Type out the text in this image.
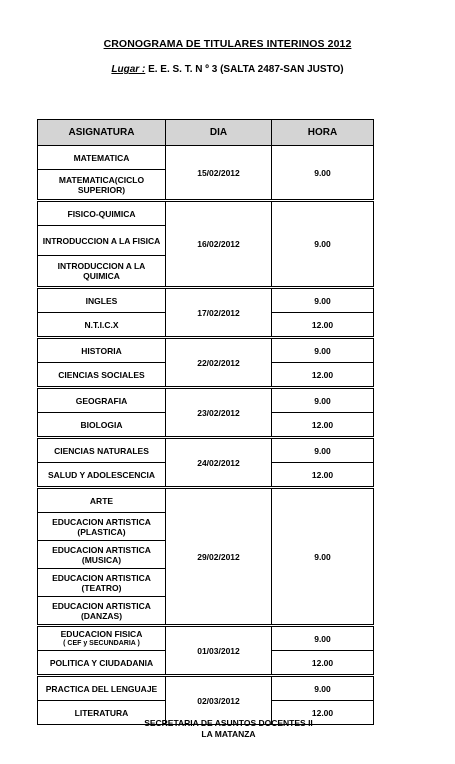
CRONOGRAMA DE TITULARES INTERINOS 2012
Lugar : E. E. S. T. N º 3 (SALTA 2487-SAN JUSTO)
ASIGNATURA	DIA	HORA

MATEMATICA	15/02/2012	9.00

MATEMATICA(CICLO SUPERIOR)		

FISICO-QUIMICA	16/02/2012	9.00

INTRODUCCION A LA FISICA		

INTRODUCCION A LA QUIMICA		

INGLES	17/02/2012	9.00

N.T.I.C.X		12.00

HISTORIA	22/02/2012	9.00

CIENCIAS SOCIALES		12.00

GEOGRAFIA	23/02/2012	9.00

BIOLOGIA		12.00

CIENCIAS NATURALES	24/02/2012	9.00

SALUD Y ADOLESCENCIA		12.00

ARTE	29/02/2012	9.00

EDUCACION ARTISTICA (PLASTICA)		

EDUCACION ARTISTICA (MUSICA)		

EDUCACION ARTISTICA (TEATRO)		

EDUCACION ARTISTICA (DANZAS)		

EDUCACION FISICA
( CEF y SECUNDARIA )	01/03/2012	9.00

POLITICA Y CIUDADANIA		12.00

PRACTICA DEL LENGUAJE	02/03/2012	9.00

LITERATURA		12.00
SECRETARIA DE ASUNTOS DOCENTES II
LA MATANZA
